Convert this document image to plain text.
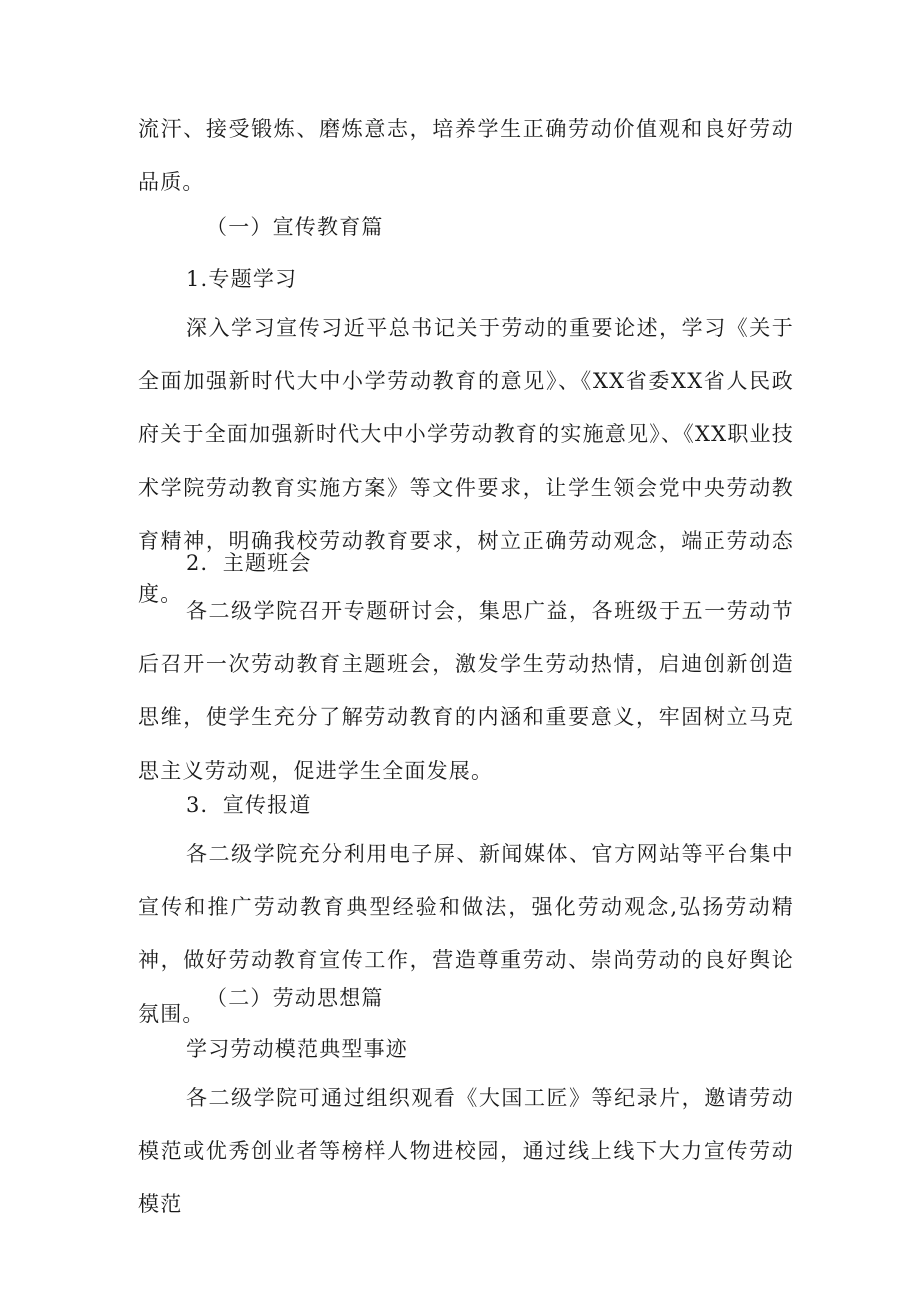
流汗、接受锻炼、磨炼意志，培养学生正确劳动价值观和良好劳动品质。
（一）宣传教育篇
1.专题学习
深入学习宣传习近平总书记关于劳动的重要论述，学习《关于全面加强新时代大中小学劳动教育的意见》、《XX省委XX省人民政府关于全面加强新时代大中小学劳动教育的实施意见》、《XX职业技术学院劳动教育实施方案》等文件要求，让学生领会党中央劳动教育精神，明确我校劳动教育要求，树立正确劳动观念，端正劳动态度。
2．主题班会
各二级学院召开专题研讨会，集思广益，各班级于五一劳动节后召开一次劳动教育主题班会，激发学生劳动热情，启迪创新创造思维，使学生充分了解劳动教育的内涵和重要意义，牢固树立马克思主义劳动观，促进学生全面发展。
3．宣传报道
各二级学院充分利用电子屏、新闻媒体、官方网站等平台集中宣传和推广劳动教育典型经验和做法，强化劳动观念,弘扬劳动精神，做好劳动教育宣传工作，营造尊重劳动、崇尚劳动的良好舆论氛围。
（二）劳动思想篇
学习劳动模范典型事迹
各二级学院可通过组织观看《大国工匠》等纪录片，邀请劳动模范或优秀创业者等榜样人物进校园，通过线上线下大力宣传劳动模范
